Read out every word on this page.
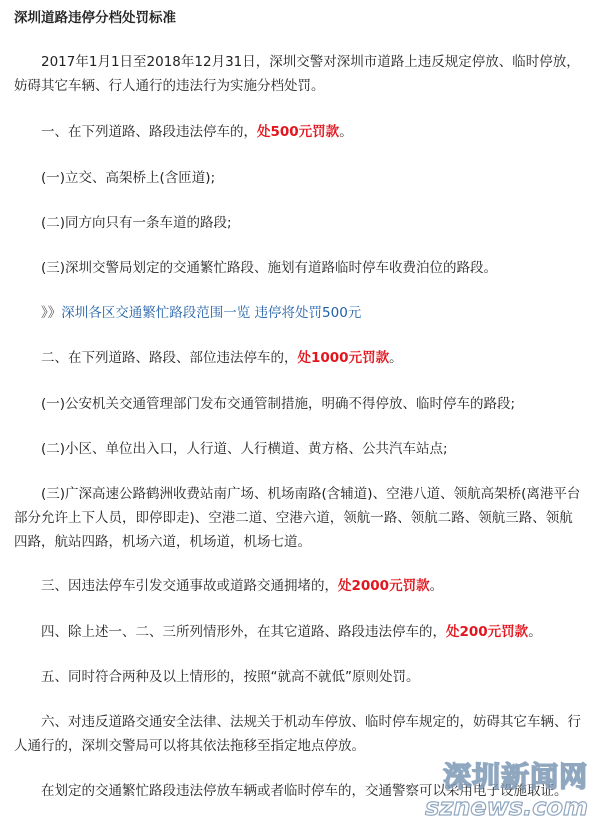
深圳道路违停分档处罚标准
2017年1月1日至2018年12月31日，深圳交警对深圳市道路上违反规定停放、临时停放，妨碍其它车辆、行人通行的违法行为实施分档处罚。
一、在下列道路、路段违法停车的，处500元罚款。
(一)立交、高架桥上(含匝道);
(二)同方向只有一条车道的路段;
(三)深圳交警局划定的交通繁忙路段、施划有道路临时停车收费泊位的路段。
》》深圳各区交通繁忙路段范围一览 违停将处罚500元
二、在下列道路、路段、部位违法停车的，处1000元罚款。
(一)公安机关交通管理部门发布交通管制措施，明确不得停放、临时停车的路段;
(二)小区、单位出入口，人行道、人行横道、黄方格、公共汽车站点;
(三)广深高速公路鹤洲收费站南广场、机场南路(含辅道)、空港八道、领航高架桥(离港平台部分允许上下人员，即停即走)、空港二道、空港六道，领航一路、领航二路、领航三路、领航四路，航站四路，机场六道，机场道，机场七道。
三、因违法停车引发交通事故或道路交通拥堵的，处2000元罚款。
四、除上述一、二、三所列情形外，在其它道路、路段违法停车的，处200元罚款。
五、同时符合两种及以上情形的，按照“就高不就低”原则处罚。
六、对违反道路交通安全法律、法规关于机动车停放、临时停车规定的，妨碍其它车辆、行人通行的，深圳交警局可以将其依法拖移至指定地点停放。
在划定的交通繁忙路段违法停放车辆或者临时停车的，交通警察可以采用电子设施取证。
深圳新闻网
sznews.com
